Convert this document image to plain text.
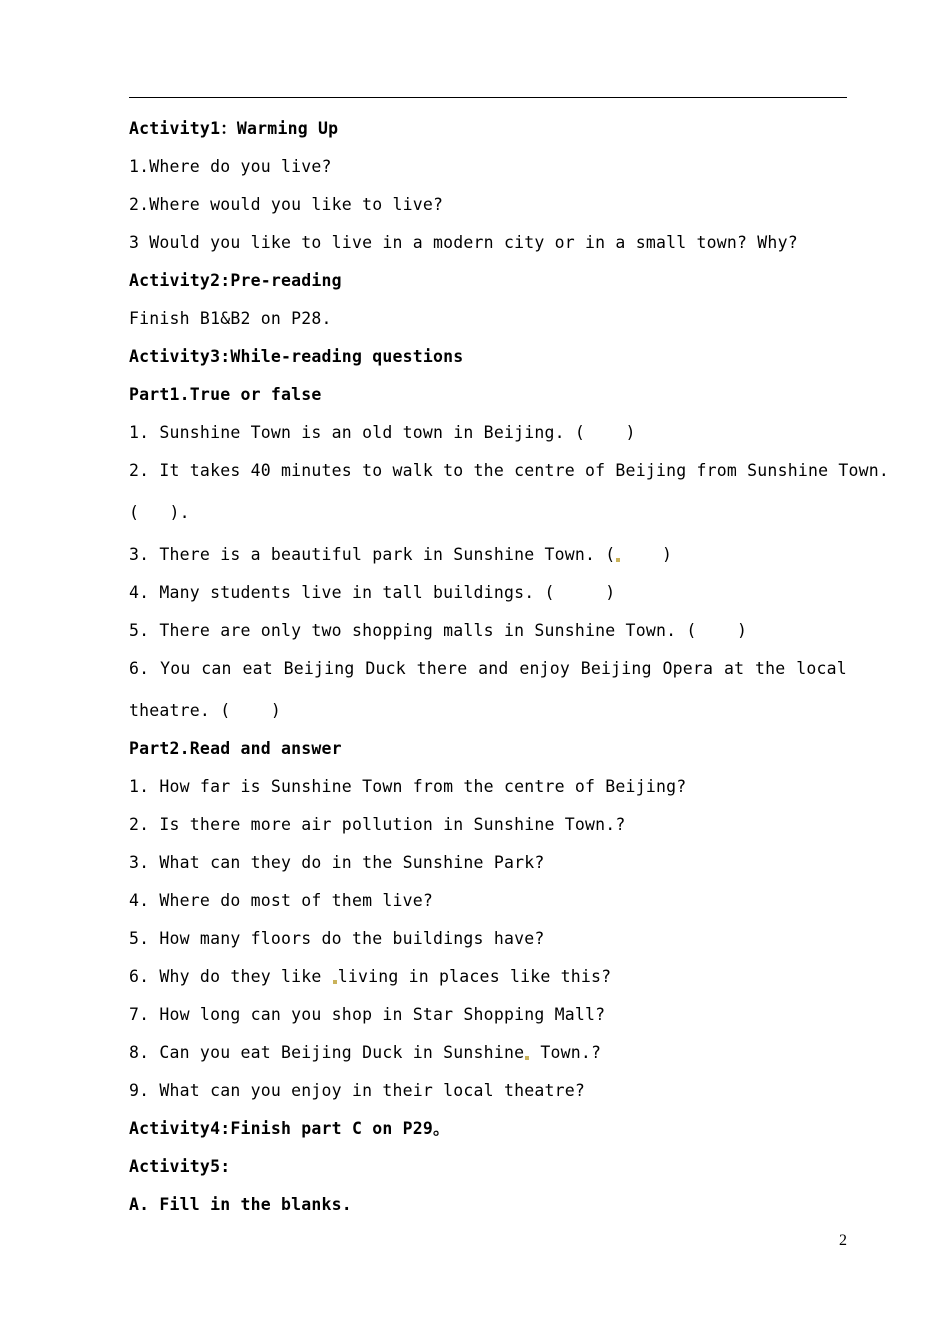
Activity1：Warming Up
1.Where do you live?
2.Where would you like to live?
3 Would you like to live in a modern city or in a small town? Why?
Activity2:Pre-reading
Finish B1&B2 on P28.
Activity3:While-reading questions
Part1.True or false
1. Sunshine Town is an old town in Beijing. (    )
2. It takes 40 minutes to walk to the centre of Beijing from Sunshine Town.
(   ).
3. There is a beautiful park in Sunshine Town. (    )
4. Many students live in tall buildings. (     )
5. There are only two shopping malls in Sunshine Town. (    )
6. You can eat Beijing Duck there and enjoy Beijing Opera at the local
theatre. (    )
Part2.Read and answer
1. How far is Sunshine Town from the centre of Beijing?
2. Is there more air pollution in Sunshine Town.?
3. What can they do in the Sunshine Park?
4. Where do most of them live?
5. How many floors do the buildings have?
6. Why do they like living in places like this?
7. How long can you shop in Star Shopping Mall?
8. Can you eat Beijing Duck in Sunshine Town.?
9. What can you enjoy in their local theatre?
Activity4:Finish part C on P29。
Activity5:
A. Fill in the blanks.
2
